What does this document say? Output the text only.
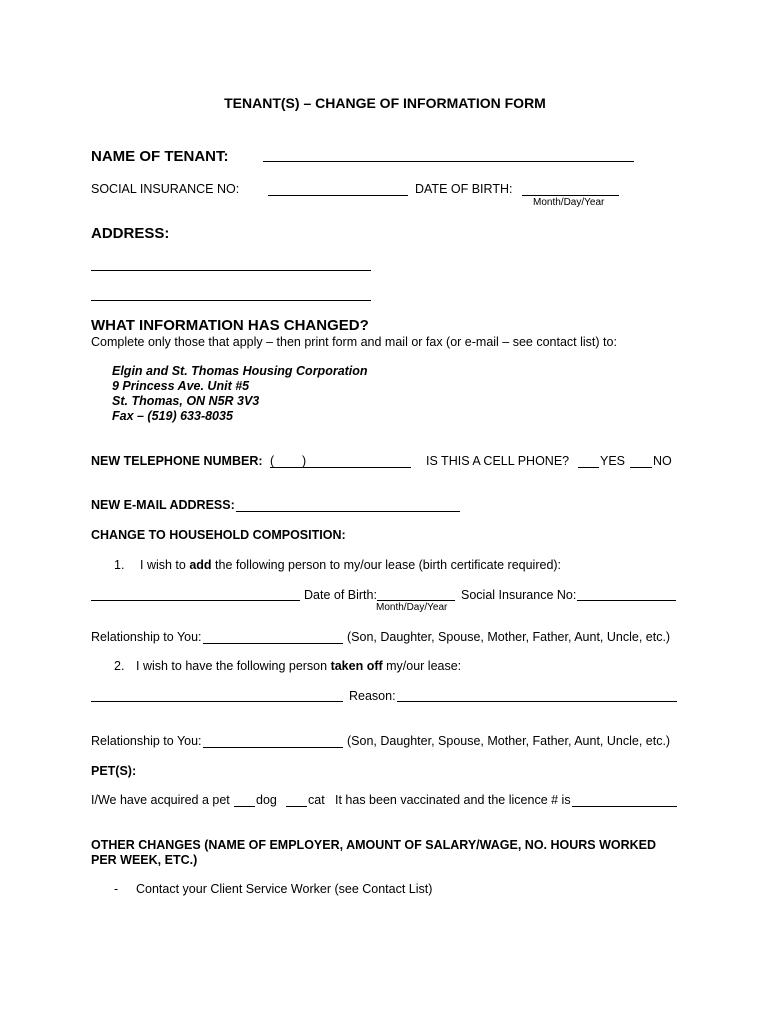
TENANT(S) – CHANGE OF INFORMATION FORM
NAME OF TENANT:
SOCIAL INSURANCE NO:	DATE OF BIRTH:
Month/Day/Year
ADDRESS:
WHAT INFORMATION HAS CHANGED?
Complete only those that apply – then print form and mail or fax (or e-mail – see contact list) to:
Elgin and St. Thomas Housing Corporation
9 Princess Ave. Unit #5
St. Thomas, ON N5R 3V3
Fax – (519) 633-8035
NEW TELEPHONE NUMBER: ( )	IS THIS A CELL PHONE? YES NO
NEW E-MAIL ADDRESS:
CHANGE TO HOUSEHOLD COMPOSITION:
1. I wish to add the following person to my/our lease (birth certificate required):
Date of Birth:	Social Insurance No:
Month/Day/Year
Relationship to You:	(Son, Daughter, Spouse, Mother, Father, Aunt, Uncle, etc.)
2. I wish to have the following person taken off my/our lease:
Reason:
Relationship to You:	(Son, Daughter, Spouse, Mother, Father, Aunt, Uncle, etc.)
PET(S):
I/We have acquired a pet dog cat It has been vaccinated and the licence # is
OTHER CHANGES (NAME OF EMPLOYER, AMOUNT OF SALARY/WAGE, NO. HOURS WORKED
PER WEEK, ETC.)
- Contact your Client Service Worker (see Contact List)
